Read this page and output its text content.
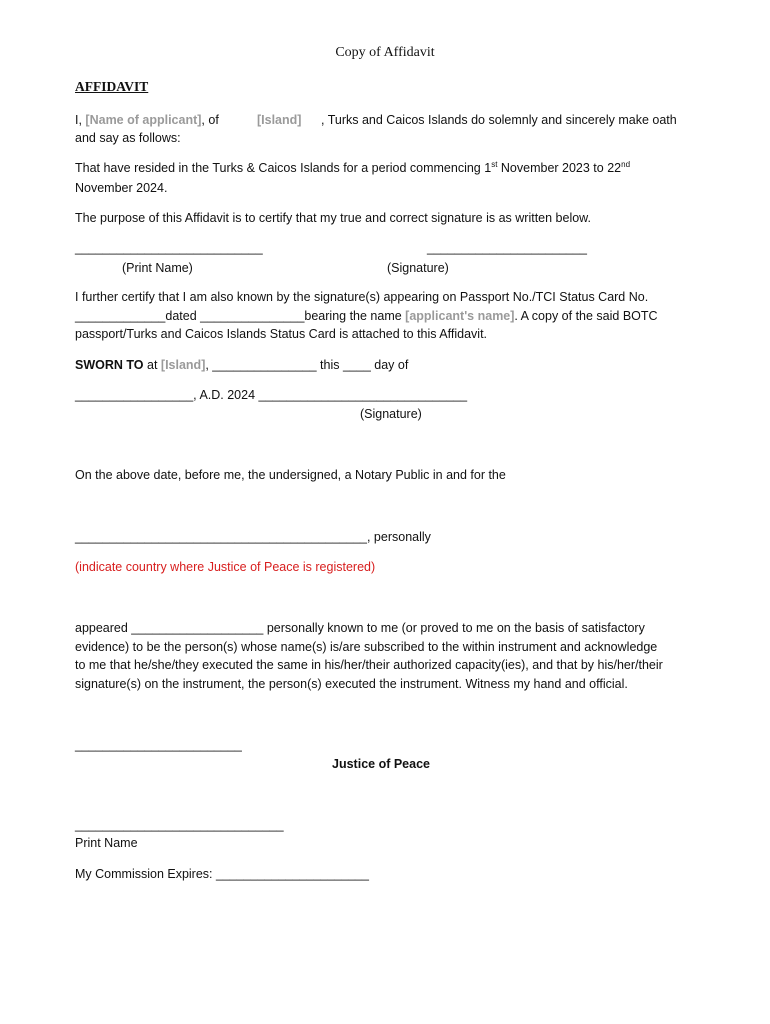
Copy of Affidavit
AFFIDAVIT
I, [Name of applicant], of	[Island] , Turks and Caicos Islands do solemnly and sincerely make oath
and say as follows:
That have resided in the Turks & Caicos Islands for a period commencing 1st November 2023 to 22nd
November 2024.
The purpose of this Affidavit is to certify that my true and correct signature is as written below.
___________________________	_______________________
(Print Name)	(Signature)
I further certify that I am also known by the signature(s) appearing on Passport No./TCI Status Card No.
_____________dated _______________bearing the name [applicant's name]. A copy of the said BOTC
passport/Turks and Caicos Islands Status Card is attached to this Affidavit.
SWORN TO at [Island], _______________ this ____ day of
_________________, A.D. 2024 ______________________________
(Signature)
On the above date, before me, the undersigned, a Notary Public in and for the
__________________________________________, personally
(indicate country where Justice of Peace is registered)
appeared ___________________ personally known to me (or proved to me on the basis of satisfactory
evidence) to be the person(s) whose name(s) is/are subscribed to the within instrument and acknowledge
to me that he/she/they executed the same in his/her/their authorized capacity(ies), and that by his/her/their
signature(s) on the instrument, the person(s) executed the instrument. Witness my hand and official.
________________________
Justice of Peace
______________________________
Print Name
My Commission Expires: ______________________
